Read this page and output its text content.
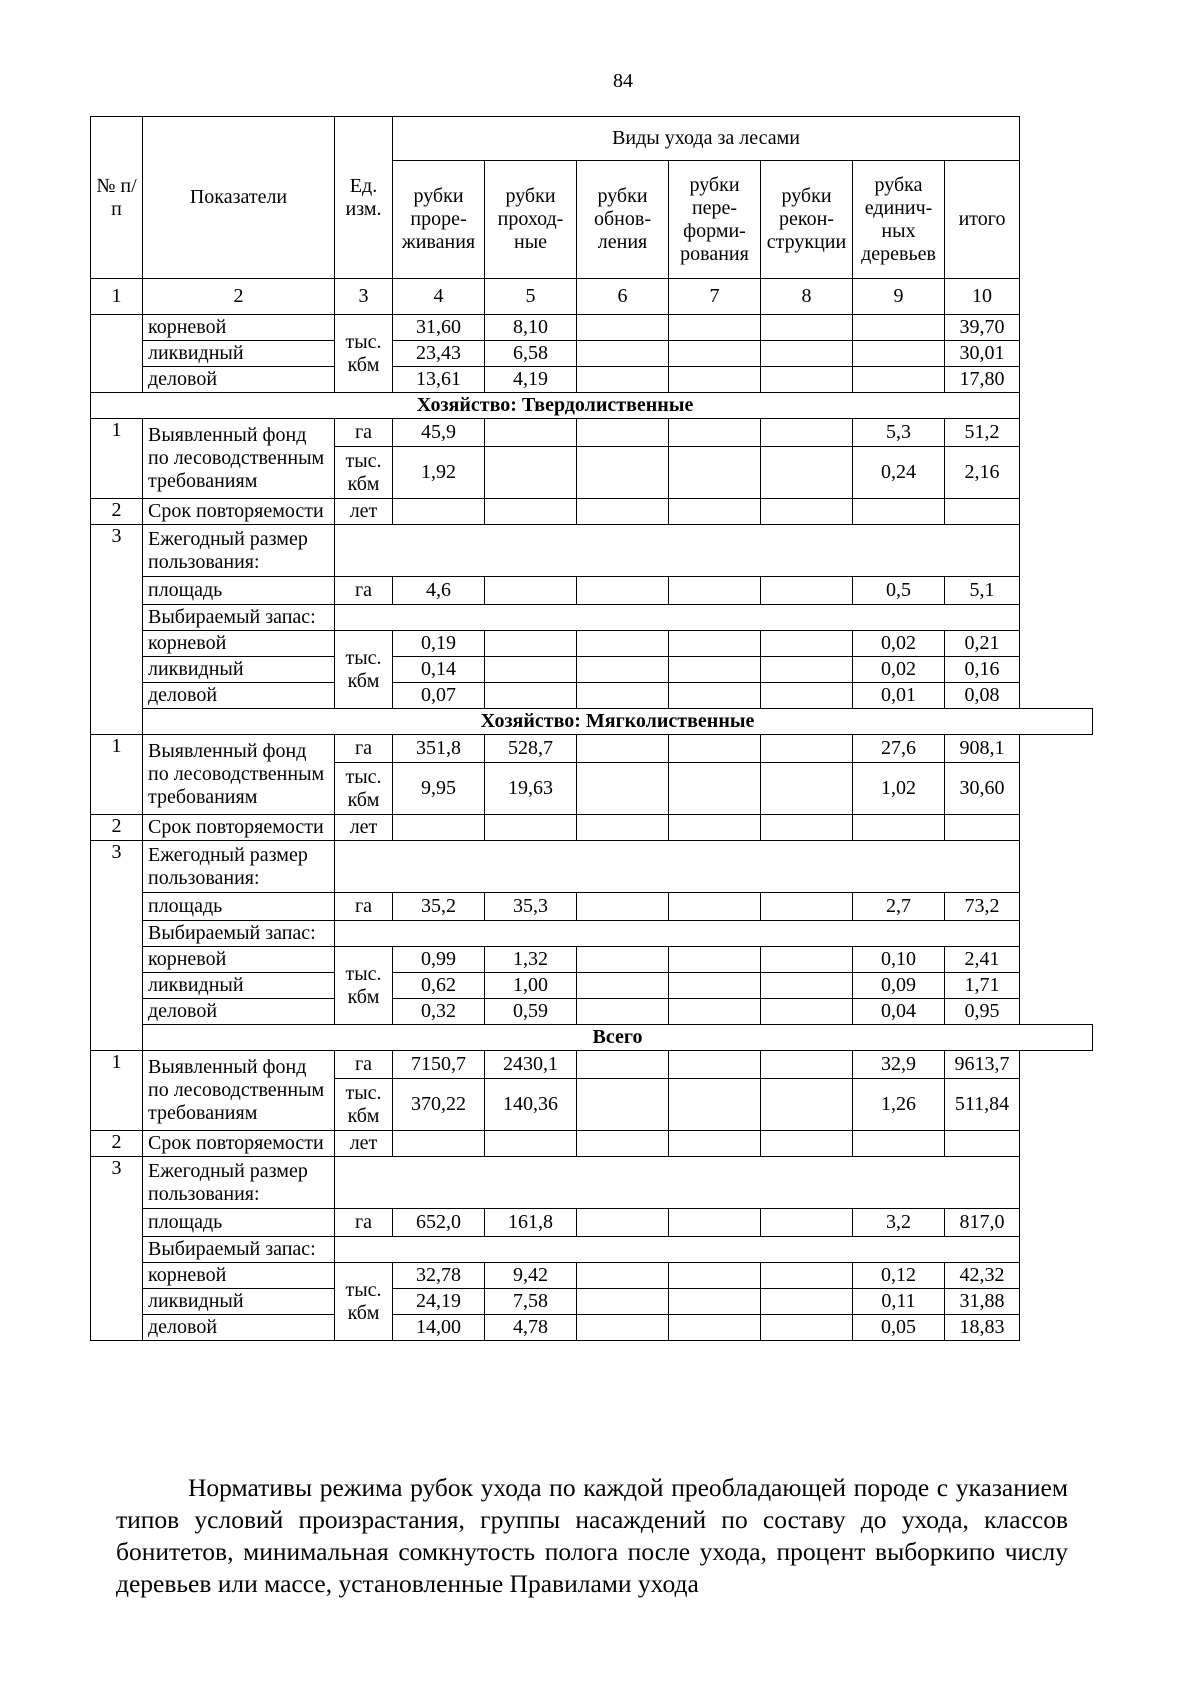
84
№ п/п	Показатели	Ед. изм.	Виды ухода за лесами						
			рубки проре-живания	рубки проход-ные	рубки обнов-ления	рубки пере-форми-рования	рубки рекон-струкции	рубка единич-ных деревьев	итого
1	2	3	4	5	6	7	8	9	10
	корневой	тыс. кбм	31,60	8,10					39,70
	ликвидный		23,43	6,58					30,01
	деловой		13,61	4,19					17,80
Хозяйство: Твердолиственные									
1	Выявленный фонд по лесоводственным требованиям	га	45,9					5,3	51,2
		тыс. кбм	1,92					0,24	2,16
2	Срок повторяемости	лет							
3	Ежегодный размер пользования:								
	площадь	га	4,6					0,5	5,1
	Выбираемый запас:								
	корневой	тыс. кбм	0,19					0,02	0,21
	ликвидный		0,14					0,02	0,16
	деловой		0,07					0,01	0,08
	Хозяйство: Мягколиственные								
1	Выявленный фонд по лесоводственным требованиям	га	351,8	528,7				27,6	908,1
		тыс. кбм	9,95	19,63				1,02	30,60
2	Срок повторяемости	лет							
3	Ежегодный размер пользования:								
	площадь	га	35,2	35,3				2,7	73,2
	Выбираемый запас:								
	корневой	тыс. кбм	0,99	1,32				0,10	2,41
	ликвидный		0,62	1,00				0,09	1,71
	деловой		0,32	0,59				0,04	0,95
	Всего								
1	Выявленный фонд по лесоводственным требованиям	га	7150,7	2430,1				32,9	9613,7
		тыс. кбм	370,22	140,36				1,26	511,84
2	Срок повторяемости	лет							
3	Ежегодный размер пользования:								
	площадь	га	652,0	161,8				3,2	817,0
	Выбираемый запас:								
	корневой	тыс. кбм	32,78	9,42				0,12	42,32
	ликвидный		24,19	7,58				0,11	31,88
	деловой		14,00	4,78				0,05	18,83
Нормативы режима рубок ухода по каждой преобладающей породе с указанием типов условий произрастания, группы насаждений по составу до ухода, классов бонитетов, минимальная сомкнутость полога после ухода, процент выборкипо числу деревьев или массе, установленные Правилами ухода
